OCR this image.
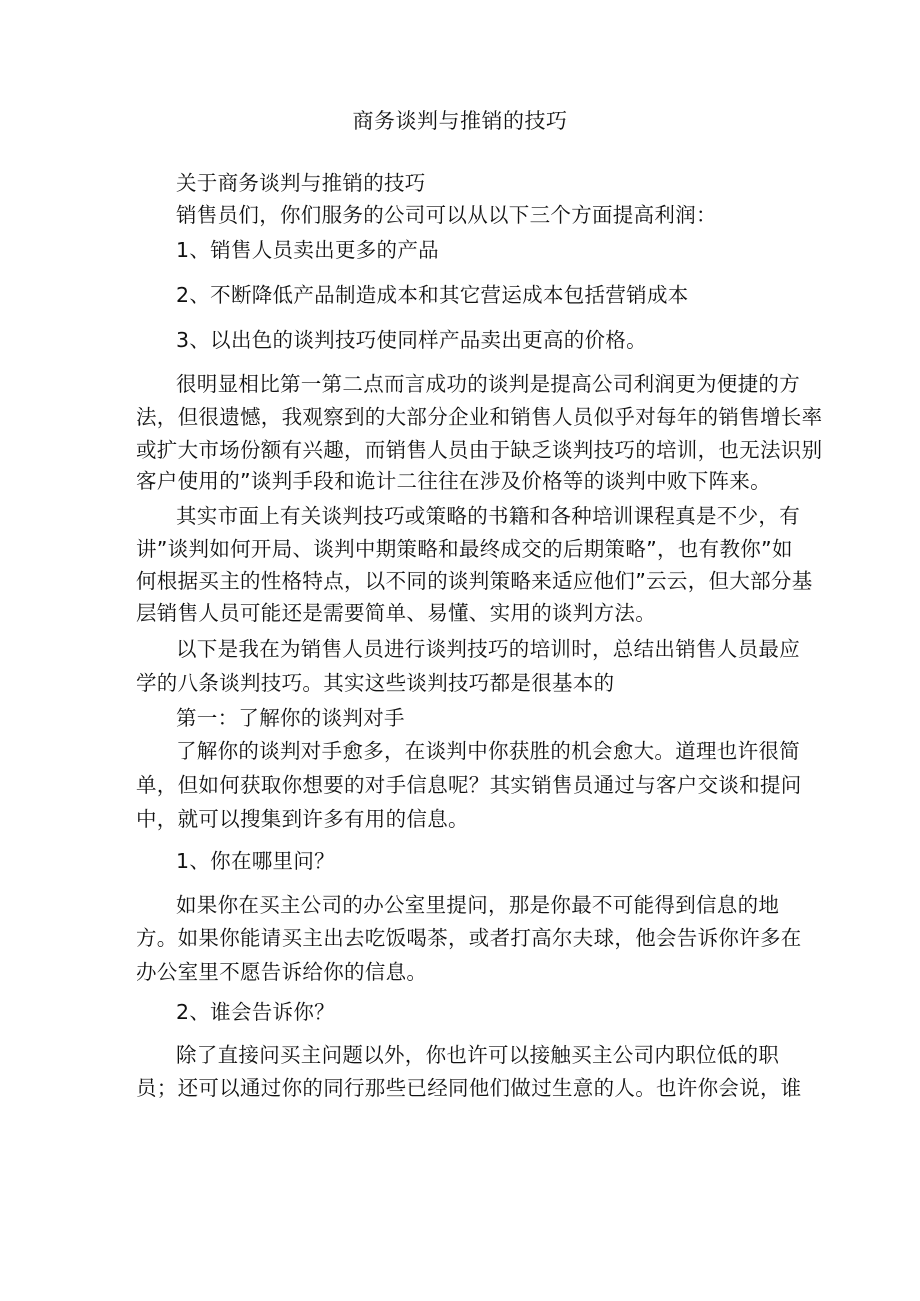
商务谈判与推销的技巧
关于商务谈判与推销的技巧
销售员们，你们服务的公司可以从以下三个方面提高利润：
1、销售人员卖出更多的产品
2、不断降低产品制造成本和其它营运成本包括营销成本
3、以出色的谈判技巧使同样产品卖出更高的价格。
很明显相比第一第二点而言成功的谈判是提高公司利润更为便捷的方
法，但很遗憾，我观察到的大部分企业和销售人员似乎对每年的销售增长率
或扩大市场份额有兴趣，而销售人员由于缺乏谈判技巧的培训，也无法识别
客户使用的”谈判手段和诡计二往往在涉及价格等的谈判中败下阵来。
其实市面上有关谈判技巧或策略的书籍和各种培训课程真是不少，有
讲”谈判如何开局、谈判中期策略和最终成交的后期策略”，也有教你”如
何根据买主的性格特点，以不同的谈判策略来适应他们”云云，但大部分基
层销售人员可能还是需要简单、易懂、实用的谈判方法。
以下是我在为销售人员进行谈判技巧的培训时，总结出销售人员最应
学的八条谈判技巧。其实这些谈判技巧都是很基本的
第一：了解你的谈判对手
了解你的谈判对手愈多，在谈判中你获胜的机会愈大。道理也许很简
单，但如何获取你想要的对手信息呢？其实销售员通过与客户交谈和提问
中，就可以搜集到许多有用的信息。
1、你在哪里问？
如果你在买主公司的办公室里提问，那是你最不可能得到信息的地
方。如果你能请买主出去吃饭喝茶，或者打高尔夫球，他会告诉你许多在
办公室里不愿告诉给你的信息。
2、谁会告诉你？
除了直接问买主问题以外，你也许可以接触买主公司内职位低的职
员；还可以通过你的同行那些已经同他们做过生意的人。也许你会说，谁
